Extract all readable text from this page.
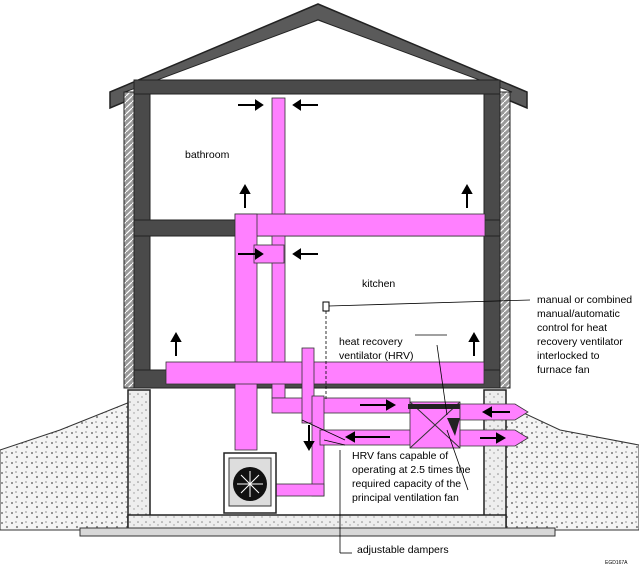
bathroom
kitchen
manual or combined
manual/automatic
control for heat
recovery ventilator
interlocked to
furnace fan
heat recovery
ventilator (HRV)
HRV fans capable of
operating at 2.5 times the
required capacity of the
principal ventilation fan
adjustable dampers
EGD167A
